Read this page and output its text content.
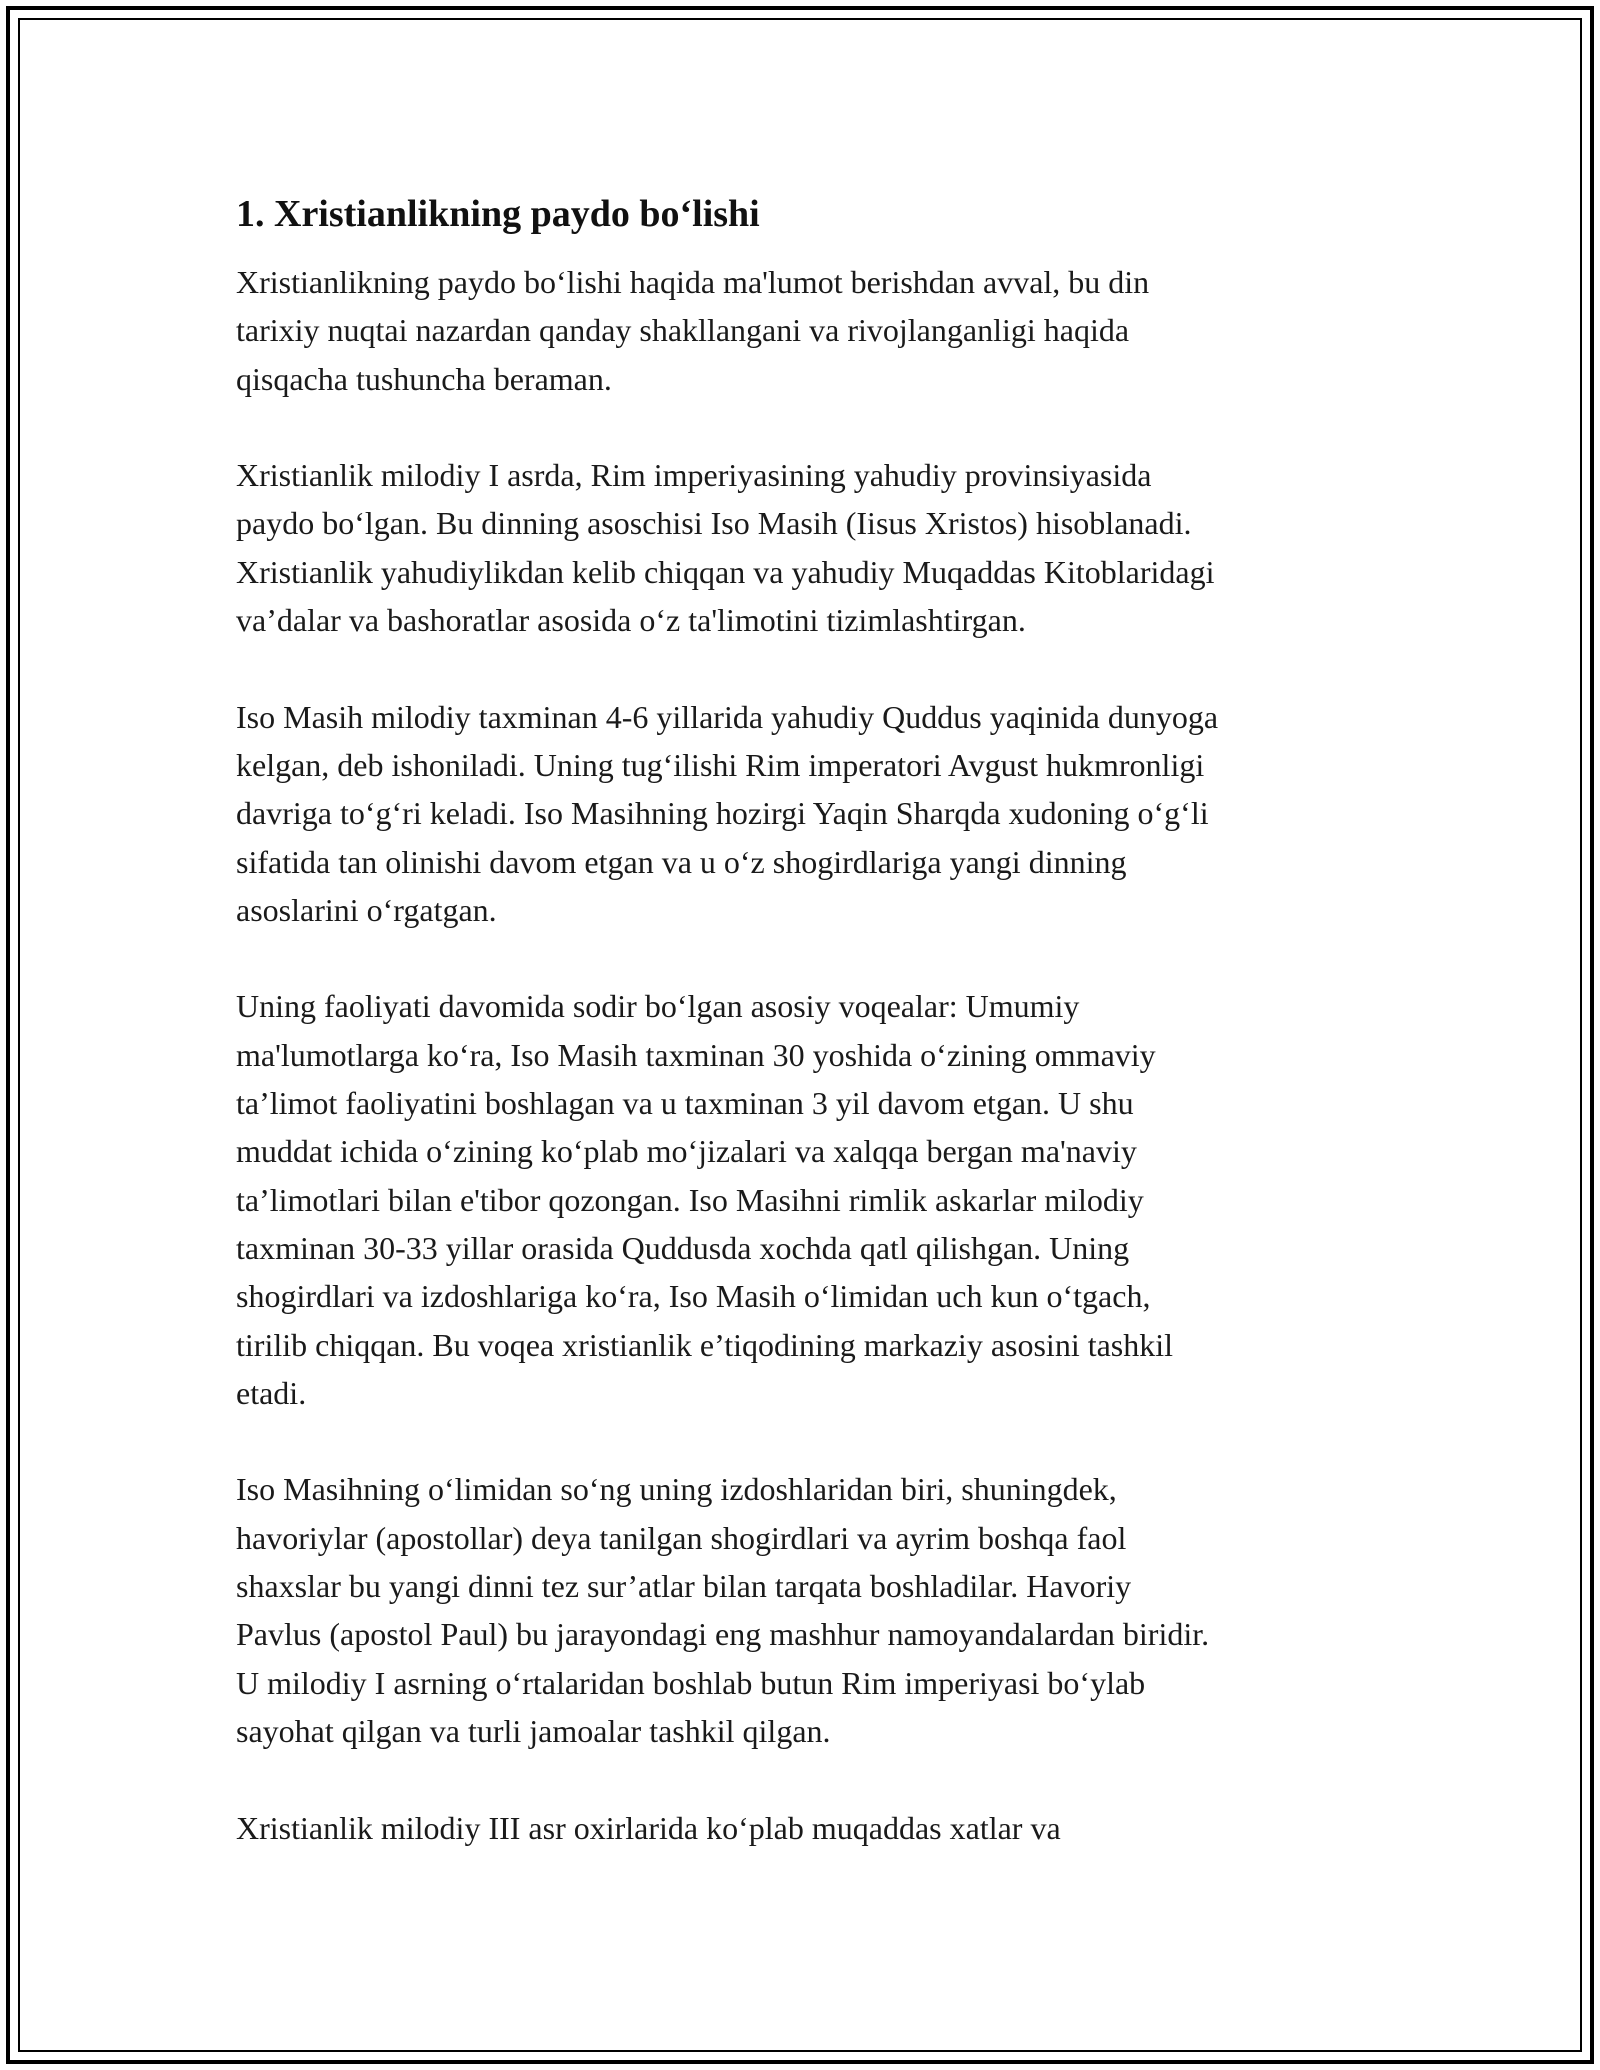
1. Xristianlikning paydo bo‘lishi

Xristianlikning paydo bo‘lishi haqida ma'lumot berishdan avval, bu din
tarixiy nuqtai nazardan qanday shakllangani va rivojlanganligi haqida
qisqacha tushuncha beraman.

Xristianlik milodiy I asrda, Rim imperiyasining yahudiy provinsiyasida
paydo bo‘lgan. Bu dinning asoschisi Iso Masih (Iisus Xristos) hisoblanadi.
Xristianlik yahudiylikdan kelib chiqqan va yahudiy Muqaddas Kitoblaridagi
va’dalar va bashoratlar asosida o‘z ta'limotini tizimlashtirgan.

Iso Masih milodiy taxminan 4-6 yillarida yahudiy Quddus yaqinida dunyoga
kelgan, deb ishoniladi. Uning tug‘ilishi Rim imperatori Avgust hukmronligi
davriga to‘g‘ri keladi. Iso Masihning hozirgi Yaqin Sharqda xudoning o‘g‘li
sifatida tan olinishi davom etgan va u o‘z shogirdlariga yangi dinning
asoslarini o‘rgatgan.

Uning faoliyati davomida sodir bo‘lgan asosiy voqealar: Umumiy
ma'lumotlarga ko‘ra, Iso Masih taxminan 30 yoshida o‘zining ommaviy
ta’limot faoliyatini boshlagan va u taxminan 3 yil davom etgan. U shu
muddat ichida o‘zining ko‘plab mo‘jizalari va xalqqa bergan ma'naviy
ta’limotlari bilan e'tibor qozongan. Iso Masihni rimlik askarlar milodiy
taxminan 30-33 yillar orasida Quddusda xochda qatl qilishgan. Uning
shogirdlari va izdoshlariga ko‘ra, Iso Masih o‘limidan uch kun o‘tgach,
tirilib chiqqan. Bu voqea xristianlik e’tiqodining markaziy asosini tashkil
etadi.

Iso Masihning o‘limidan so‘ng uning izdoshlaridan biri, shuningdek,
havoriylar (apostollar) deya tanilgan shogirdlari va ayrim boshqa faol
shaxslar bu yangi dinni tez sur’atlar bilan tarqata boshladilar. Havoriy
Pavlus (apostol Paul) bu jarayondagi eng mashhur namoyandalardan biridir.
U milodiy I asrning o‘rtalaridan boshlab butun Rim imperiyasi bo‘ylab
sayohat qilgan va turli jamoalar tashkil qilgan.

Xristianlik milodiy III asr oxirlarida ko‘plab muqaddas xatlar va
